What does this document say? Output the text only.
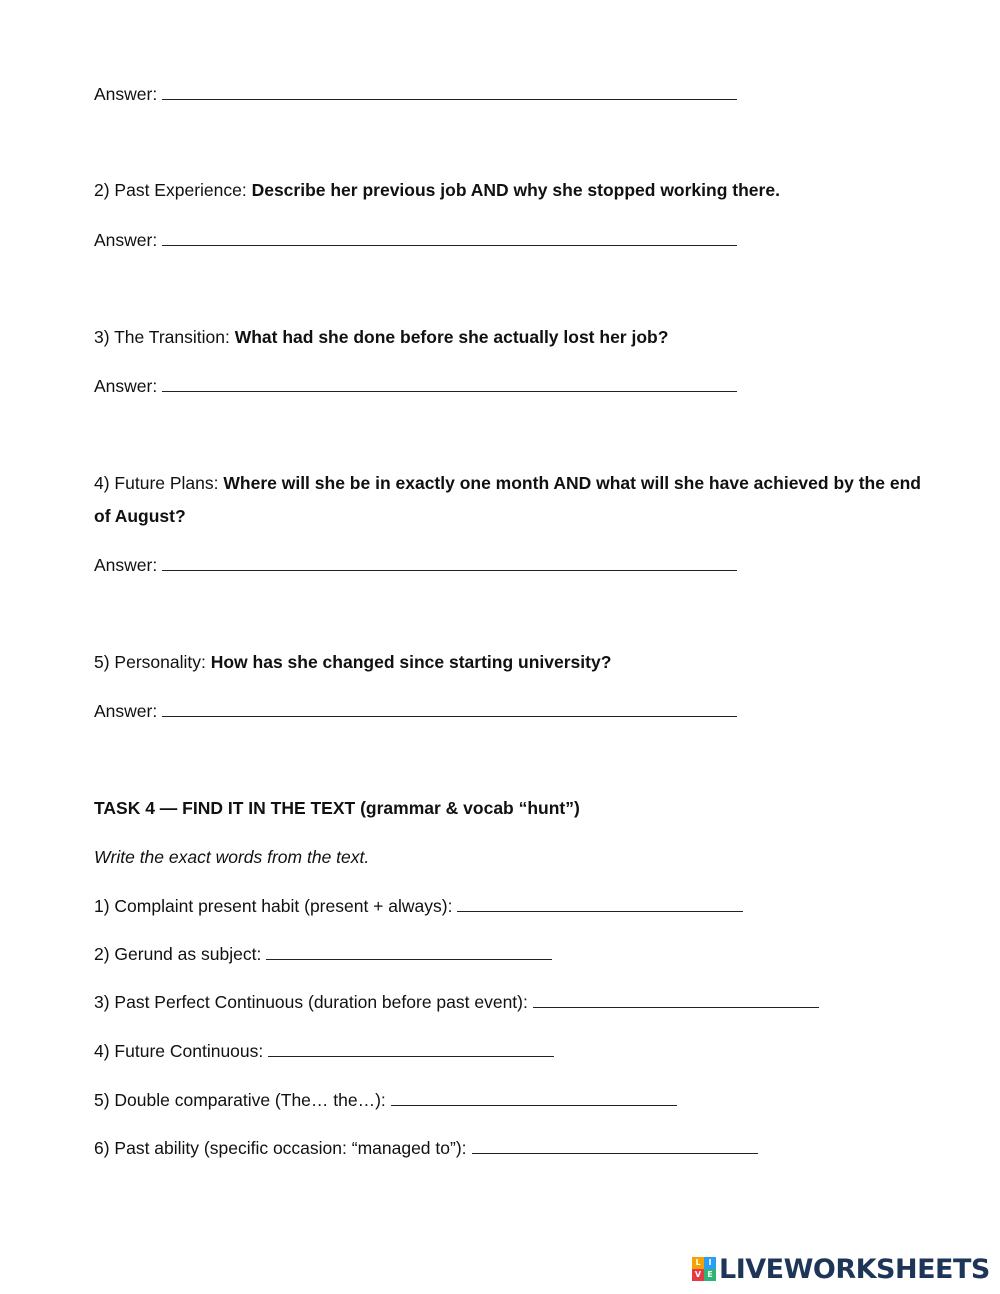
Answer:
2) Past Experience: Describe her previous job AND why she stopped working there.
Answer:
3) The Transition: What had she done before she actually lost her job?
Answer:
4) Future Plans: Where will she be in exactly one month AND what will she have achieved by the end of August?
Answer:
5) Personality: How has she changed since starting university?
Answer:
TASK 4 — FIND IT IN THE TEXT (grammar & vocab “hunt”)
Write the exact words from the text.
1) Complaint present habit (present + always):
2) Gerund as subject:
3) Past Perfect Continuous (duration before past event):
4) Future Continuous:
5) Double comparative (The… the…):
6) Past ability (specific occasion: “managed to”):
L I
V E LIVEWORKSHEETS
